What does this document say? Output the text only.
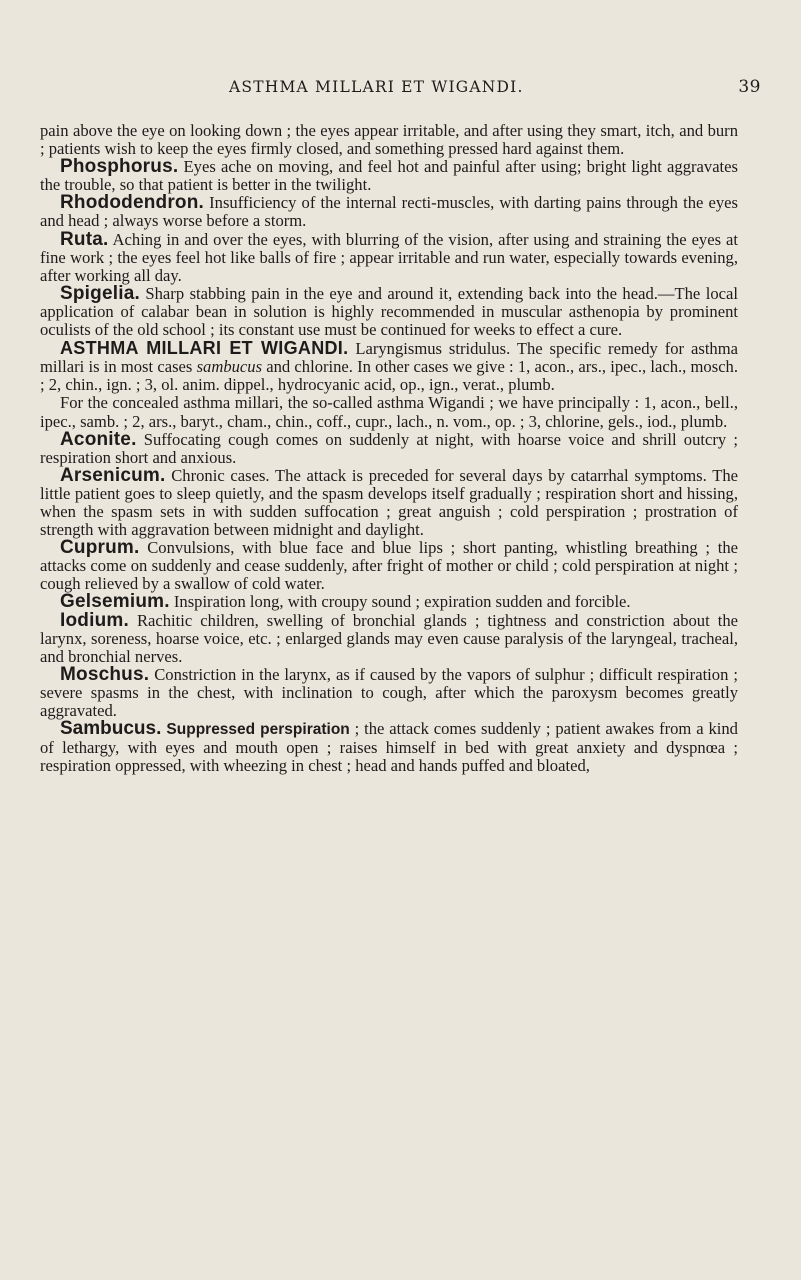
ASTHMA MILLARI ET WIGANDI.	39

pain above the eye on looking down ; the eyes appear irritable, and after using they smart, itch, and burn ; patients wish to keep the eyes firmly closed, and something pressed hard against them.

Phosphorus. Eyes ache on moving, and feel hot and painful after using; bright light aggravates the trouble, so that patient is better in the twilight.

Rhododendron. Insufficiency of the internal recti-muscles, with darting pains through the eyes and head ; always worse before a storm.

Ruta. Aching in and over the eyes, with blurring of the vision, after using and straining the eyes at fine work ; the eyes feel hot like balls of fire ; appear irritable and run water, especially towards evening, after working all day.

Spigelia. Sharp stabbing pain in the eye and around it, extending back into the head.—The local application of calabar bean in solution is highly recommended in muscular asthenopia by prominent oculists of the old school ; its constant use must be continued for weeks to effect a cure.

ASTHMA MILLARI ET WIGANDI. Laryngismus stridulus. The specific remedy for asthma millari is in most cases sambucus and chlorine. In other cases we give : 1, acon., ars., ipec., lach., mosch. ; 2, chin., ign. ; 3, ol. anim. dippel., hydrocyanic acid, op., ign., verat., plumb.

For the concealed asthma millari, the so-called asthma Wigandi ; we have principally : 1, acon., bell., ipec., samb. ; 2, ars., baryt., cham., chin., coff., cupr., lach., n. vom., op. ; 3, chlorine, gels., iod., plumb.

Aconite. Suffocating cough comes on suddenly at night, with hoarse voice and shrill outcry ; respiration short and anxious.

Arsenicum. Chronic cases. The attack is preceded for several days by catarrhal symptoms. The little patient goes to sleep quietly, and the spasm develops itself gradually ; respiration short and hissing, when the spasm sets in with sudden suffocation ; great anguish ; cold perspiration ; prostration of strength with aggravation between midnight and daylight.

Cuprum. Convulsions, with blue face and blue lips ; short panting, whistling breathing ; the attacks come on suddenly and cease suddenly, after fright of mother or child ; cold perspiration at night ; cough relieved by a swallow of cold water.

Gelsemium. Inspiration long, with croupy sound ; expiration sudden and forcible.

Iodium. Rachitic children, swelling of bronchial glands ; tightness and constriction about the larynx, soreness, hoarse voice, etc. ; enlarged glands may even cause paralysis of the laryngeal, tracheal, and bronchial nerves.

Moschus. Constriction in the larynx, as if caused by the vapors of sulphur ; difficult respiration ; severe spasms in the chest, with inclination to cough, after which the paroxysm becomes greatly aggravated.

Sambucus. Suppressed perspiration ; the attack comes suddenly ; patient awakes from a kind of lethargy, with eyes and mouth open ; raises himself in bed with great anxiety and dyspnœa ; respiration oppressed, with wheezing in chest ; head and hands puffed and bloated,
